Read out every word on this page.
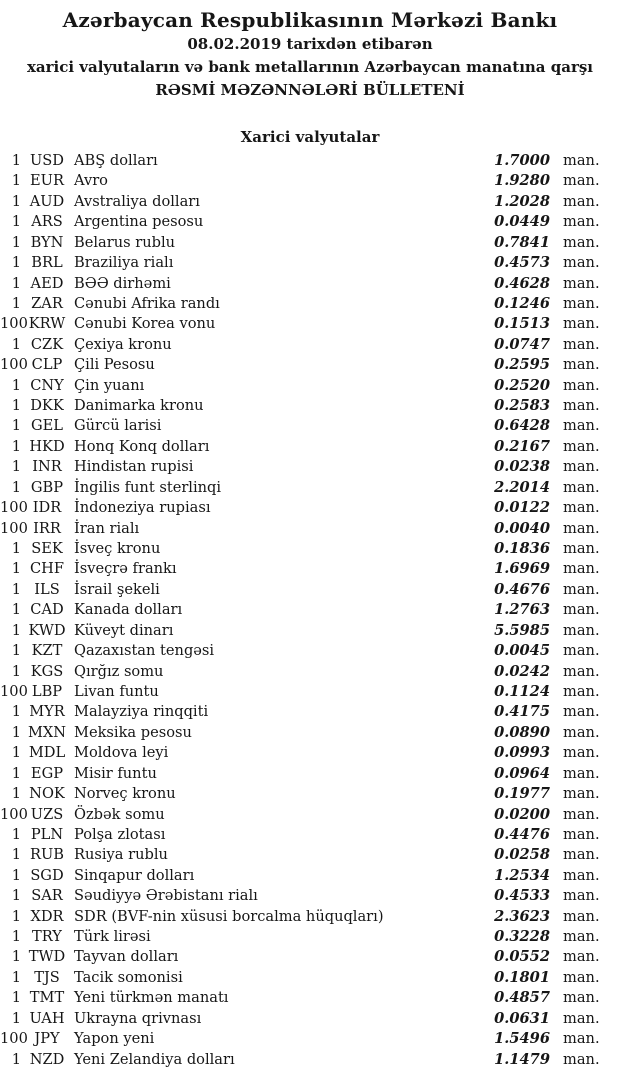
Azərbaycan Respublikasının Mərkəzi Bankı
08.02.2019 tarixdən etibarən
xarici valyutaların və bank metallarının Azərbaycan manatına qarşı
RƏSMİ MƏZƏNNƏLƏRİ BÜLLETENİ
Xarici valyutalar
1 USD ABŞ dolları	1.7000 man.
1 EUR Avro	1.9280 man.
1 AUD Avstraliya dolları	1.2028 man.
1 ARS Argentina pesosu	0.0449 man.
1 BYN Belarus rublu	0.7841 man.
1 BRL Braziliya rialı	0.4573 man.
1 AED BƏƏ dirhəmi	0.4628 man.
1 ZAR Cənubi Afrika randı	0.1246 man.
100 KRW Cənubi Korea vonu	0.1513 man.
1 CZK Çexiya kronu	0.0747 man.
100 CLP Çili Pesosu	0.2595 man.
1 CNY Çin yuanı	0.2520 man.
1 DKK Danimarka kronu	0.2583 man.
1 GEL Gürcü larisi	0.6428 man.
1 HKD Honq Konq dolları	0.2167 man.
1 INR Hindistan rupisi	0.0238 man.
1 GBP İngilis funt sterlinqi	2.2014 man.
100 IDR İndoneziya rupiası	0.0122 man.
100 IRR İran rialı	0.0040 man.
1 SEK İsveç kronu	0.1836 man.
1 CHF İsveçrə frankı	1.6969 man.
1 ILS İsrail şekeli	0.4676 man.
1 CAD Kanada dolları	1.2763 man.
1 KWD Küveyt dinarı	5.5985 man.
1 KZT Qazaxıstan tengəsi	0.0045 man.
1 KGS Qırğız somu	0.0242 man.
100 LBP Livan funtu	0.1124 man.
1 MYR Malayziya rinqqiti	0.4175 man.
1 MXN Meksika pesosu	0.0890 man.
1 MDL Moldova leyi	0.0993 man.
1 EGP Misir funtu	0.0964 man.
1 NOK Norveç kronu	0.1977 man.
100 UZS Özbək somu	0.0200 man.
1 PLN Polşa zlotası	0.4476 man.
1 RUB Rusiya rublu	0.0258 man.
1 SGD Sinqapur dolları	1.2534 man.
1 SAR Səudiyyə Ərəbistanı rialı	0.4533 man.
1 XDR SDR (BVF-nin xüsusi borcalma hüquqları)	2.3623 man.
1 TRY Türk lirəsi	0.3228 man.
1 TWD Tayvan dolları	0.0552 man.
1 TJS Tacik somonisi	0.1801 man.
1 TMT Yeni türkmən manatı	0.4857 man.
1 UAH Ukrayna qrivnası	0.0631 man.
100 JPY Yapon yeni	1.5496 man.
1 NZD Yeni Zelandiya dolları	1.1479 man.
